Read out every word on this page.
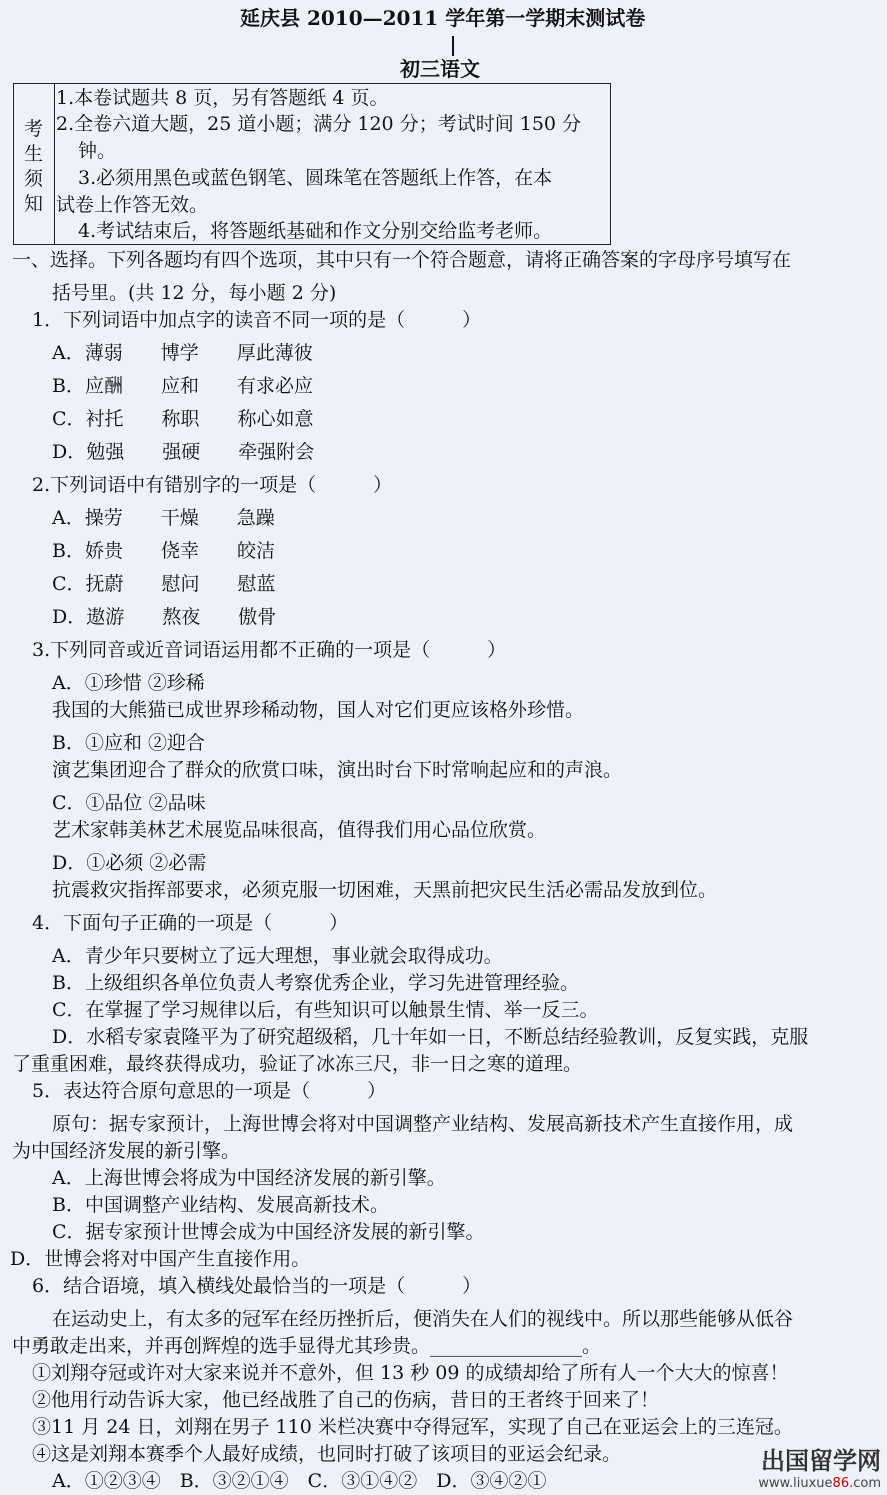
延庆县 2010—2011 学年第一学期末测试卷
初三语文
考
生
须
知
1.本卷试题共 8 页，另有答题纸 4 页。
2.全卷六道大题，25 道小题；满分 120 分；考试时间 150 分
钟。
3.必须用黑色或蓝色钢笔、圆珠笔在答题纸上作答，在本
试卷上作答无效。
4.考试结束后，将答题纸基础和作文分别交给监考老师。
一、选择。下列各题均有四个选项，其中只有一个符合题意，请将正确答案的字母序号填写在
括号里。(共 12 分，每小题 2 分)
1．下列词语中加点字的读音不同一项的是（　　　）
A．薄弱　　博学　　厚此薄彼
B．应酬　　应和　　有求必应
C．衬托　　称职　　称心如意
D．勉强　　强硬　　牵强附会
2.下列词语中有错别字的一项是（　　　）
A．操劳　　干燥　　急躁
B．娇贵　　侥幸　　皎洁
C．抚蔚　　慰问　　慰蓝
D．遨游　　熬夜　　傲骨
3.下列同音或近音词语运用都不正确的一项是（　　　）
A．①珍惜 ②珍稀
我国的大熊猫已成世界珍稀动物，国人对它们更应该格外珍惜。
B．①应和 ②迎合
演艺集团迎合了群众的欣赏口味，演出时台下时常响起应和的声浪。
C．①品位 ②品味
艺术家韩美林艺术展览品味很高，值得我们用心品位欣赏。
D．①必须 ②必需
抗震救灾指挥部要求，必须克服一切困难，天黑前把灾民生活必需品发放到位。
4．下面句子正确的一项是（　　　）
A．青少年只要树立了远大理想，事业就会取得成功。
B．上级组织各单位负责人考察优秀企业，学习先进管理经验。
C．在掌握了学习规律以后，有些知识可以触景生情、举一反三。
D．水稻专家袁隆平为了研究超级稻，几十年如一日，不断总结经验教训，反复实践，克服
了重重困难，最终获得成功，验证了冰冻三尺，非一日之寒的道理。
5．表达符合原句意思的一项是（　　　）
原句：据专家预计，上海世博会将对中国调整产业结构、发展高新技术产生直接作用，成
为中国经济发展的新引擎。
A．上海世博会将成为中国经济发展的新引擎。
B．中国调整产业结构、发展高新技术。
C．据专家预计世博会成为中国经济发展的新引擎。
D．世博会将对中国产生直接作用。
6．结合语境，填入横线处最恰当的一项是（　　　）
在运动史上，有太多的冠军在经历挫折后，便消失在人们的视线中。所以那些能够从低谷
中勇敢走出来，并再创辉煌的选手显得尤其珍贵。________________。
①刘翔夺冠或许对大家来说并不意外，但 13 秒 09 的成绩却给了所有人一个大大的惊喜！
②他用行动告诉大家，他已经战胜了自己的伤病，昔日的王者终于回来了！
③11 月 24 日，刘翔在男子 110 米栏决赛中夺得冠军，实现了自己在亚运会上的三连冠。
④这是刘翔本赛季个人最好成绩，也同时打破了该项目的亚运会纪录。
A．①②③④　B．③②①④　C．③①④②　D．③④②①
出国留学网
www.liuxue86.com
